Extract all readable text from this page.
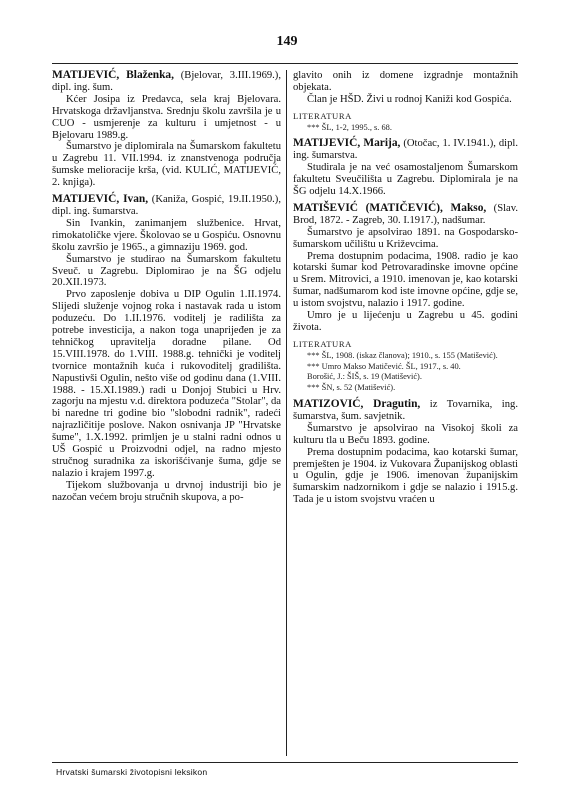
149

MATIJEVIĆ, Blaženka, (Bjelovar, 3.III.1969.), dipl. ing. šum.

Kćer Josipa iz Predavca, sela kraj Bjelovara. Hrvatskoga državljanstva. Srednju školu završila je u CUO - usmjerenje za kulturu i umjetnost - u Bjelovaru 1989.g.

Šumarstvo je diplomirala na Šumarskom fakultetu u Zagrebu 11. VII.1994. iz znanstvenoga područja šumske melioracije krša, (vid. KULIĆ, MATIJEVIĆ, 2. knjiga).

MATIJEVIĆ, Ivan, (Kaniža, Gospić, 19.II.1950.), dipl. ing. šumarstva.

Sin Ivankin, zanimanjem službenice. Hrvat, rimokatoličke vjere. Školovao se u Gospiću. Osnovnu školu završio je 1965., a gimnaziju 1969. god.

Šumarstvo je studirao na Šumarskom fakultetu Sveuč. u Zagrebu. Diplomirao je na ŠG odjelu 20.XII.1973.

Prvo zaposlenje dobiva u DIP Ogulin 1.II.1974. Slijedi služenje vojnog roka i nastavak rada u istom poduzeću. Do 1.II.1976. voditelj je radilišta za potrebe investicija, a nakon toga unaprijeđen je za tehničkog upravitelja doradne pilane. Od 15.VIII.1978. do 1.VIII. 1988.g. tehnički je voditelj tvornice montažnih kuća i rukovoditelj gradilišta. Napustivši Ogulin, nešto više od godinu dana (1.VIII. 1988. - 15.XI.1989.) radi u Donjoj Stubici u Hrv. zagorju na mjestu v.d. direktora poduzeća "Stolar", da bi narednе tri godine bio "slobodni radnik", radeći najrazličitije poslove. Nakon osnivanja JP "Hrvatske šume", 1.X.1992. primljen je u stalni radni odnos u UŠ Gospić u Proizvodni odjel, na radno mjesto stručnog suradnika za iskorišćivanje šuma, gdje se nalazio i krajem 1997.g.

Tijekom službovanja u drvnoj industriji bio je nazočan većem broju stručnih skupova, a po-

glavito onih iz domene izgradnje montažnih objekata.

Član je HŠD. Živi u rodnoj Kaniži kod Gospića.

LITERATURA

*** ŠL, 1-2, 1995., s. 68.

MATIJEVIĆ, Marija, (Otočac, 1. IV.1941.), dipl. ing. šumarstva.

Studirala je na već osamostaljenom Šumarskom fakultetu Sveučilišta u Zagrebu. Diplomirala je na ŠG odjelu 14.X.1966.

MATIŠEVIĆ (MATIČEVIĆ), Makso, (Slav. Brod, 1872. - Zagreb, 30. I.1917.), nadšumar.

Šumarstvo je apsolvirao 1891. na Gospodarsko-šumarskom učilištu u Križevcima.

Prema dostupnim podacima, 1908. radio je kao kotarski šumar kod Petrovaradinske imovne općine u Srem. Mitrovici, a 1910. imenovan je, kao kotarski šumar, nadšumarom kod iste imovne općine, gdje se, u istom svojstvu, nalazio i 1917. godine.

Umro je u lijećenju u Zagrebu u 45. godini života.

LITERATURA

*** ŠL, 1908. (iskaz članova); 1910., s. 155 (Matišević).

*** Umro Makso Matičević. ŠL, 1917., s. 40.

Borošić, J.: ŠIŠ, s. 19 (Matišević).

*** ŠN, s. 52 (Matišević).

MATIZOVIĆ, Dragutin, iz Tovarnika, ing. šumarstva, šum. savjetnik.

Šumarstvo je apsolvirao na Visokoj školi za kulturu tla u Beču 1893. godine.

Prema dostupnim podacima, kao kotarski šumar, premješten je 1904. iz Vukovara Županijskog oblasti u Ogulin, gdje je 1906. imenovan županijskim šumarskim nadzornikom i gdje se nalazio i 1915.g. Tada je u istom svojstvu vraćen u

Hrvatski šumarski životopisni leksikon
